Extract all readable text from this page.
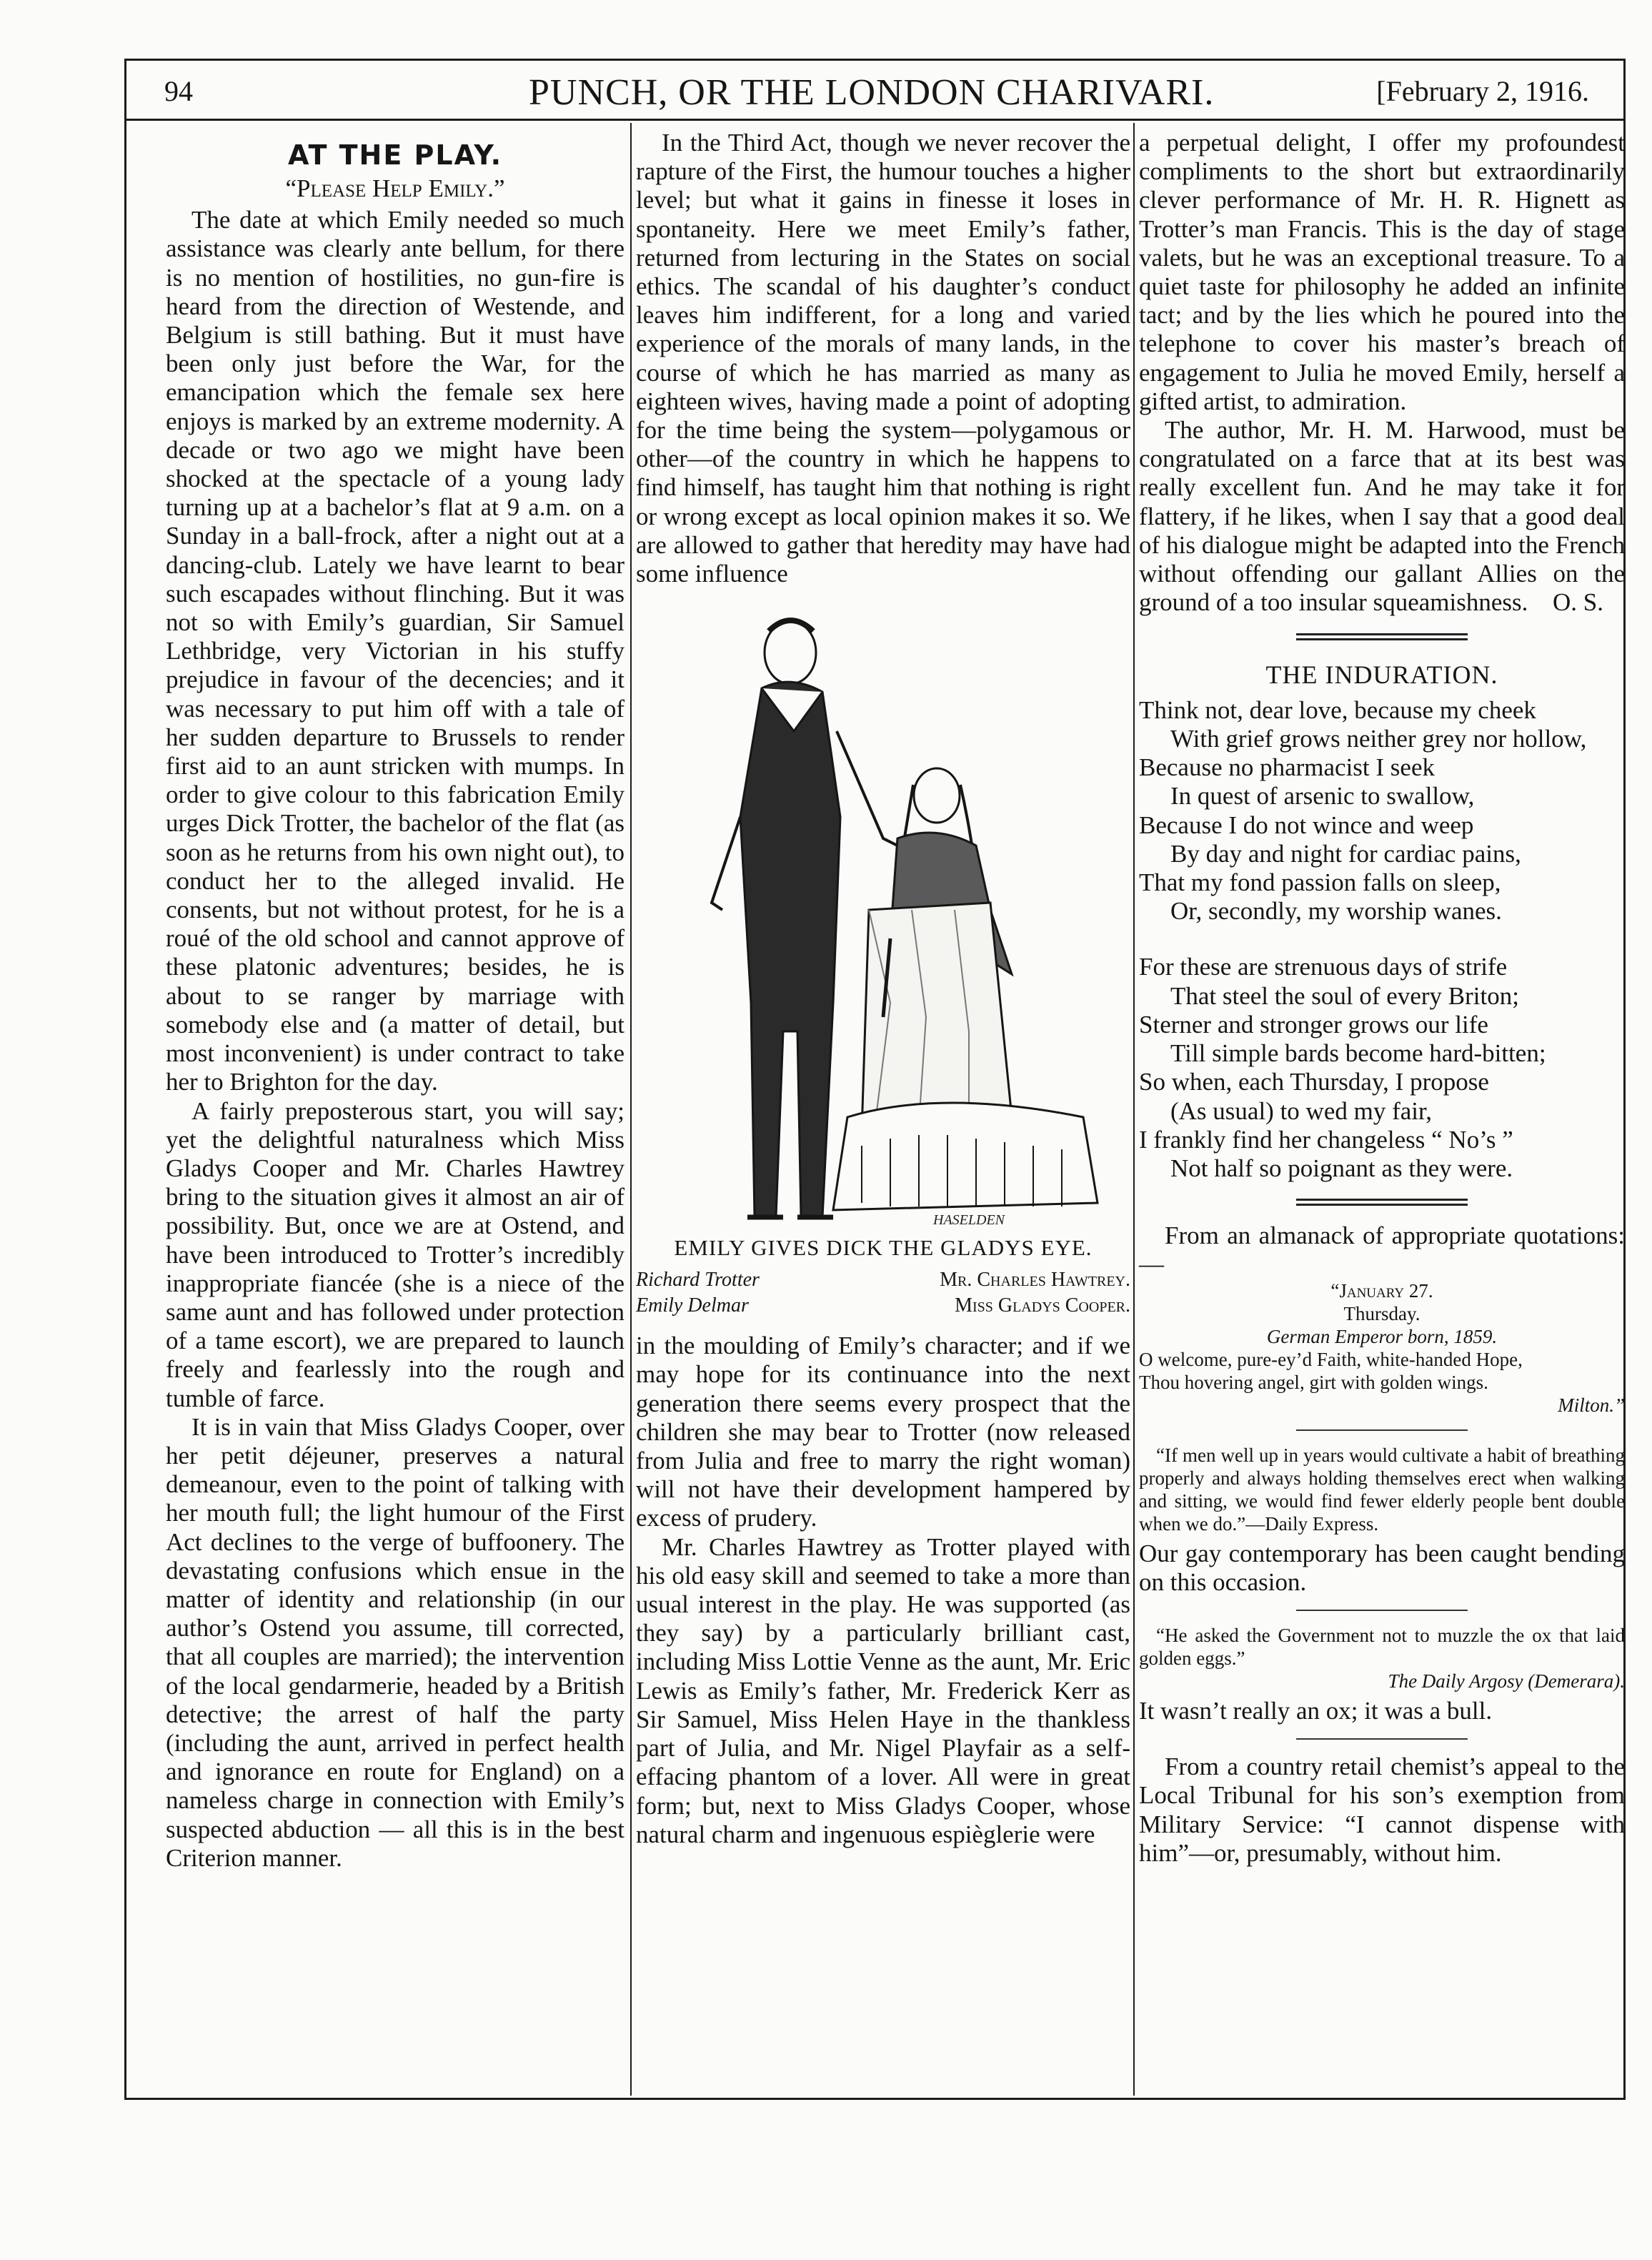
94	PUNCH, OR THE LONDON CHARIVARI.	[February 2, 1916.
AT THE PLAY.
“Please Help Emily.”

The date at which Emily needed so much assistance was clearly ante bellum, for there is no mention of hostilities, no gun-fire is heard from the direction of Westende, and Belgium is still bathing. But it must have been only just before the War, for the emancipation which the female sex here enjoys is marked by an extreme modernity. A decade or two ago we might have been shocked at the spectacle of a young lady turning up at a bachelor’s flat at 9 a.m. on a Sunday in a ball-frock, after a night out at a dancing-club. Lately we have learnt to bear such escapades without flinching. But it was not so with Emily’s guardian, Sir Samuel Lethbridge, very Victorian in his stuffy prejudice in favour of the decencies; and it was necessary to put him off with a tale of her sudden departure to Brussels to render first aid to an aunt stricken with mumps. In order to give colour to this fabrication Emily urges Dick Trotter, the bachelor of the flat (as soon as he returns from his own night out), to conduct her to the alleged invalid. He consents, but not without protest, for he is a roué of the old school and cannot approve of these platonic adventures; besides, he is about to se ranger by marriage with somebody else and (a matter of detail, but most inconvenient) is under contract to take her to Brighton for the day.

A fairly preposterous start, you will say; yet the delightful naturalness which Miss Gladys Cooper and Mr. Charles Hawtrey bring to the situation gives it almost an air of possibility. But, once we are at Ostend, and have been introduced to Trotter’s incredibly inappropriate fiancée (she is a niece of the same aunt and has followed under protection of a tame escort), we are prepared to launch freely and fearlessly into the rough and tumble of farce.

It is in vain that Miss Gladys Cooper, over her petit déjeuner, preserves a natural demeanour, even to the point of talking with her mouth full; the light humour of the First Act declines to the verge of buffoonery. The devastating confusions which ensue in the matter of identity and relationship (in our author’s Ostend you assume, till corrected, that all couples are married); the intervention of the local gendarmerie, headed by a British detective; the arrest of half the party (including the aunt, arrived in perfect health and ignorance en route for England) on a nameless charge in connection with Emily’s suspected abduction — all this is in the best Criterion manner.

In the Third Act, though we never recover the rapture of the First, the humour touches a higher level; but what it gains in finesse it loses in spontaneity. Here we meet Emily’s father, returned from lecturing in the States on social ethics. The scandal of his daughter’s conduct leaves him indifferent, for a long and varied experience of the morals of many lands, in the course of which he has married as many as eighteen wives, having made a point of adopting for the time being the system—polygamous or other—of the country in which he happens to find himself, has taught him that nothing is right or wrong except as local opinion makes it so. We are allowed to gather that heredity may have had some influence

HASELDEN
EMILY GIVES DICK THE GLADYS EYE.
Richard Trotter	Mr. Charles Hawtrey.
Emily Delmar	Miss Gladys Cooper.

in the moulding of Emily’s character; and if we may hope for its continuance into the next generation there seems every prospect that the children she may bear to Trotter (now released from Julia and free to marry the right woman) will not have their development hampered by excess of prudery.

Mr. Charles Hawtrey as Trotter played with his old easy skill and seemed to take a more than usual interest in the play. He was supported (as they say) by a particularly brilliant cast, including Miss Lottie Venne as the aunt, Mr. Eric Lewis as Emily’s father, Mr. Frederick Kerr as Sir Samuel, Miss Helen Haye in the thankless part of Julia, and Mr. Nigel Playfair as a self-effacing phantom of a lover. All were in great form; but, next to Miss Gladys Cooper, whose natural charm and ingenuous espièglerie were

a perpetual delight, I offer my profoundest compliments to the short but extraordinarily clever performance of Mr. H. R. Hignett as Trotter’s man Francis. This is the day of stage valets, but he was an exceptional treasure. To a quiet taste for philosophy he added an infinite tact; and by the lies which he poured into the telephone to cover his master’s breach of engagement to Julia he moved Emily, herself a gifted artist, to admiration.

The author, Mr. H. M. Harwood, must be congratulated on a farce that at its best was really excellent fun. And he may take it for flattery, if he likes, when I say that a good deal of his dialogue might be adapted into the French without offending our gallant Allies on the ground of a too insular squeamishness. O. S.
THE INDURATION.
Think not, dear love, because my cheek
With grief grows neither grey nor hollow,
Because no pharmacist I seek
In quest of arsenic to swallow,
Because I do not wince and weep
By day and night for cardiac pains,
That my fond passion falls on sleep,
Or, secondly, my worship wanes.
For these are strenuous days of strife
That steel the soul of every Briton;
Sterner and stronger grows our life
Till simple bards become hard-bitten;
So when, each Thursday, I propose
(As usual) to wed my fair,
I frankly find her changeless “ No’s ”
Not half so poignant as they were.

From an almanack of appropriate quotations:—

“January 27.
Thursday.
German Emperor born, 1859.
O welcome, pure-ey’d Faith, white-handed Hope,
Thou hovering angel, girt with golden wings.
Milton.”
“If men well up in years would cultivate a habit of breathing properly and always holding themselves erect when walking and sitting, we would find fewer elderly people bent double when we do.”—Daily Express.

Our gay contemporary has been caught bending on this occasion.

“He asked the Government not to muzzle the ox that laid golden eggs.”
The Daily Argosy (Demerara).

It wasn’t really an ox; it was a bull.

From a country retail chemist’s appeal to the Local Tribunal for his son’s exemption from Military Service: “I cannot dispense with him”—or, presumably, without him.
